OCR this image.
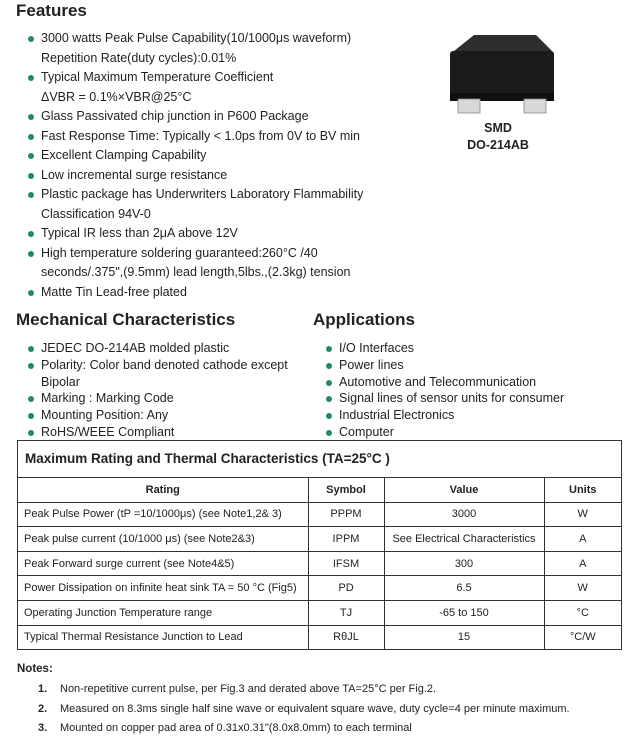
Features
3000 watts Peak Pulse Capability(10/1000μs waveform)
Repetition Rate(duty cycles):0.01%
Typical Maximum Temperature Coefficient
ΔVBR = 0.1%×VBR@25°C
Glass Passivated chip junction in P600 Package
Fast Response Time: Typically < 1.0ps from 0V to BV min
Excellent Clamping Capability
Low incremental surge resistance
Plastic package has Underwriters Laboratory Flammability
Classification 94V-0
Typical IR less than 2μA above 12V
High temperature soldering guaranteed:260°C /40
seconds/.375",(9.5mm) lead length,5lbs.,(2.3kg) tension
Matte Tin Lead-free plated
SMD
DO-214AB
Mechanical Characteristics	Applications
JEDEC DO-214AB molded plastic
Polarity: Color band denoted cathode except
Bipolar
Marking : Marking Code
Mounting Position: Any
RoHS/WEEE Compliant
I/O Interfaces
Power lines
Automotive and Telecommunication
Signal lines of sensor units for consumer
Industrial Electronics
Computer
Maximum Rating and Thermal Characteristics (TA=25°C )
Rating	Symbol	Value	Units
Peak Pulse Power (tP =10/1000μs) (see Note1,2& 3)	PPPM	3000	W
Peak pulse current (10/1000 μs) (see Note2&3)	IPPM	See Electrical Characteristics	A
Peak Forward surge current (see Note4&5)	IFSM	300	A
Power Dissipation on infinite heat sink TA = 50 °C (Fig5)	PD	6.5	W
Operating Junction Temperature range	TJ	-65 to 150	°C
Typical Thermal Resistance Junction to Lead	RθJL	15	°C/W
Notes:
1. Non-repetitive current pulse, per Fig.3 and derated above TA=25°C per Fig.2.
2. Measured on 8.3ms single half sine wave or equivalent square wave, duty cycle=4 per minute maximum.
3. Mounted on copper pad area of 0.31x0.31"(8.0x8.0mm) to each terminal
